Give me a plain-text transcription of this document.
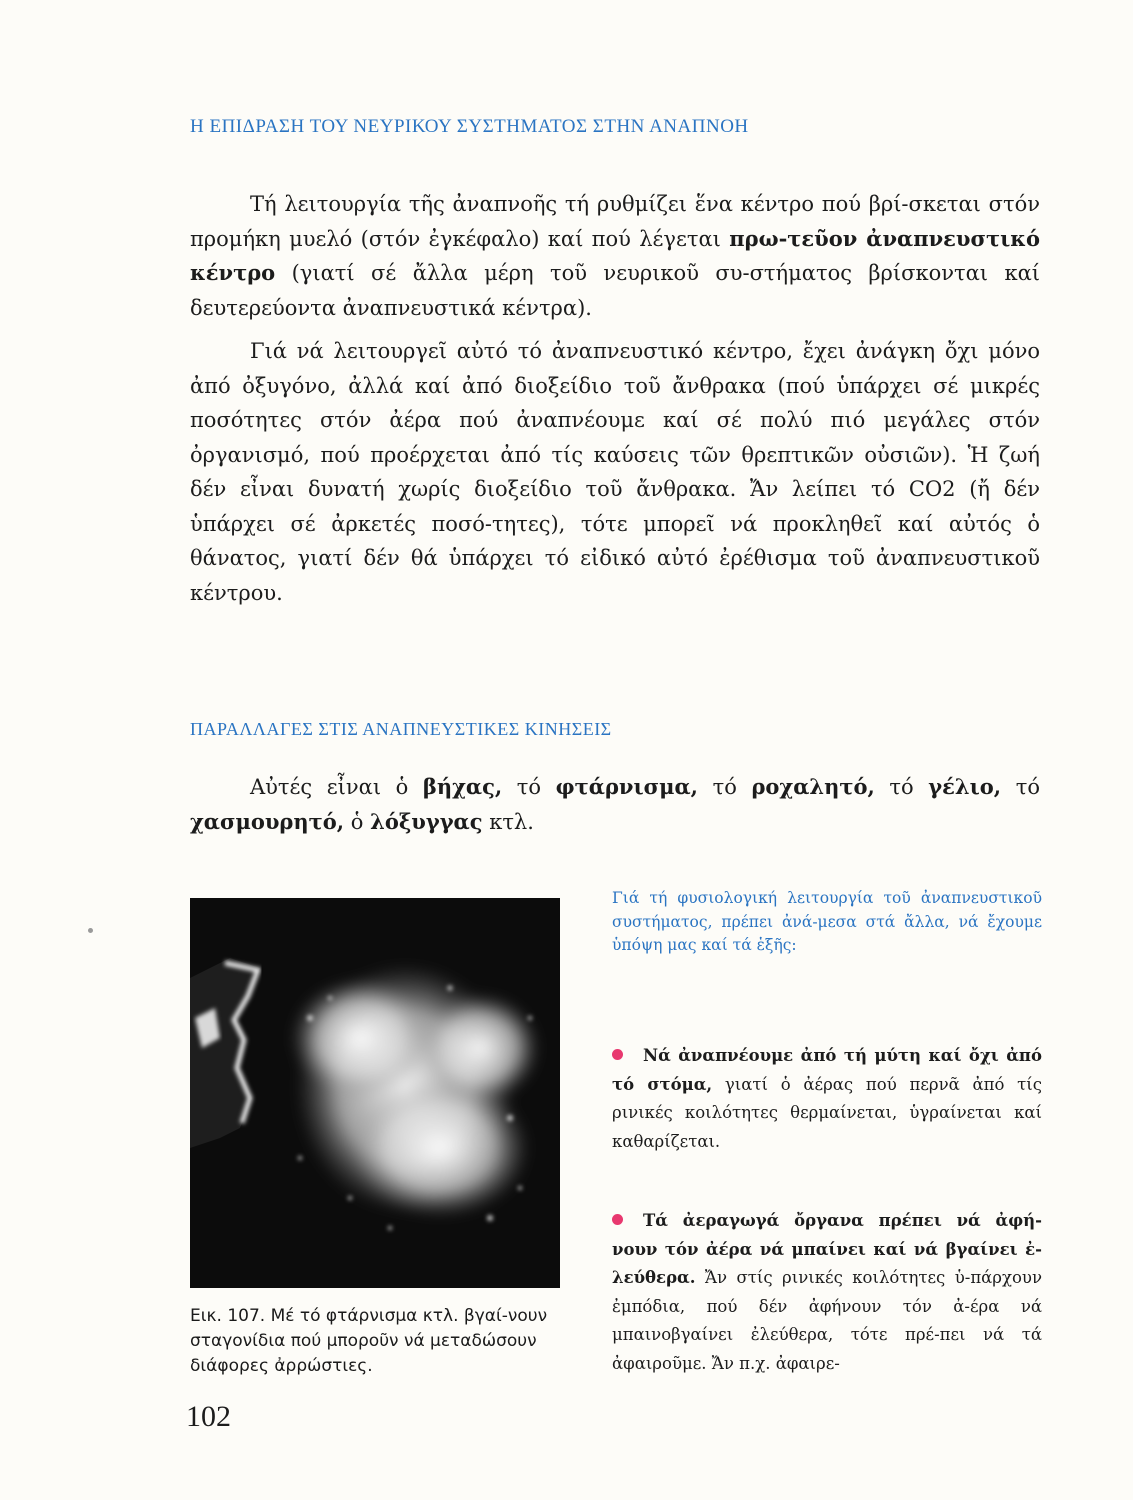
Η ΕΠΙΔΡΑΣΗ ΤΟΥ ΝΕΥΡΙΚΟΥ ΣΥΣΤΗΜΑΤΟΣ ΣΤΗΝ ΑΝΑΠΝΟΗ

Τή λειτουργία τῆς ἀναπνοῆς τή ρυθμίζει ἕνα κέντρο πού βρί-σκεται στόν προμήκη μυελό (στόν ἐγκέφαλο) καί πού λέγεται πρω-τεῦον ἀναπνευστικό κέντρο (γιατί σέ ἄλλα μέρη τοῦ νευρικοῦ συ-στήματος βρίσκονται καί δευτερεύοντα ἀναπνευστικά κέντρα).

Γιά νά λειτουργεῖ αὐτό τό ἀναπνευστικό κέντρο, ἔχει ἀνάγκη ὄχι μόνο ἀπό ὀξυγόνο, ἀλλά καί ἀπό διοξείδιο τοῦ ἄνθρακα (πού ὑπάρχει σέ μικρές ποσότητες στόν ἀέρα πού ἀναπνέουμε καί σέ πολύ πιό μεγάλες στόν ὀργανισμό, πού προέρχεται ἀπό τίς καύσεις τῶν θρεπτικῶν οὐσιῶν). Ἡ ζωή δέν εἶναι δυνατή χωρίς διοξείδιο τοῦ ἄνθρακα. Ἄν λείπει τό CO2 (ἤ δέν ὑπάρχει σέ ἀρκετές ποσό-τητες), τότε μπορεῖ νά προκληθεῖ καί αὐτός ὁ θάνατος, γιατί δέν θά ὑπάρχει τό εἰδικό αὐτό ἐρέθισμα τοῦ ἀναπνευστικοῦ κέντρου.

ΠΑΡΑΛΛΑΓΕΣ ΣΤΙΣ ΑΝΑΠΝΕΥΣΤΙΚΕΣ ΚΙΝΗΣΕΙΣ

Αὐτές εἶναι ὁ βήχας, τό φτάρνισμα, τό ροχαλητό, τό γέλιο, τό χασμουρητό, ὁ λόξυγγας κτλ.

Εικ. 107. Μέ τό φτάρνισμα κτλ. βγαί-νουν σταγονίδια πού μποροῦν νά μεταδώσουν διάφορες ἀρρώστιες.

Γιά τή φυσιολογική λειτουργία τοῦ ἀναπνευστικοῦ συστήματος, πρέπει ἀνά-μεσα στά ἄλλα, νά ἔχουμε ὑπόψη μας καί τά ἑξῆς:

Νά ἀναπνέουμε ἀπό τή μύτη καί ὄχι ἀπό τό στόμα, γιατί ὁ ἀέρας πού περνᾶ ἀπό τίς ρινικές κοιλότητες θερμαίνεται, ὑγραίνεται καί καθαρίζεται.

Τά ἀεραγωγά ὄργανα πρέπει νά ἀφή-νουν τόν ἀέρα νά μπαίνει καί νά βγαίνει ἐ-λεύθερα. Ἄν στίς ρινικές κοιλότητες ὑ-πάρχουν ἐμπόδια, πού δέν ἀφήνουν τόν ἀ-έρα νά μπαινοβγαίνει ἐλεύθερα, τότε πρέ-πει νά τά ἀφαιροῦμε. Ἄν π.χ. ἀφαιρε-

102
